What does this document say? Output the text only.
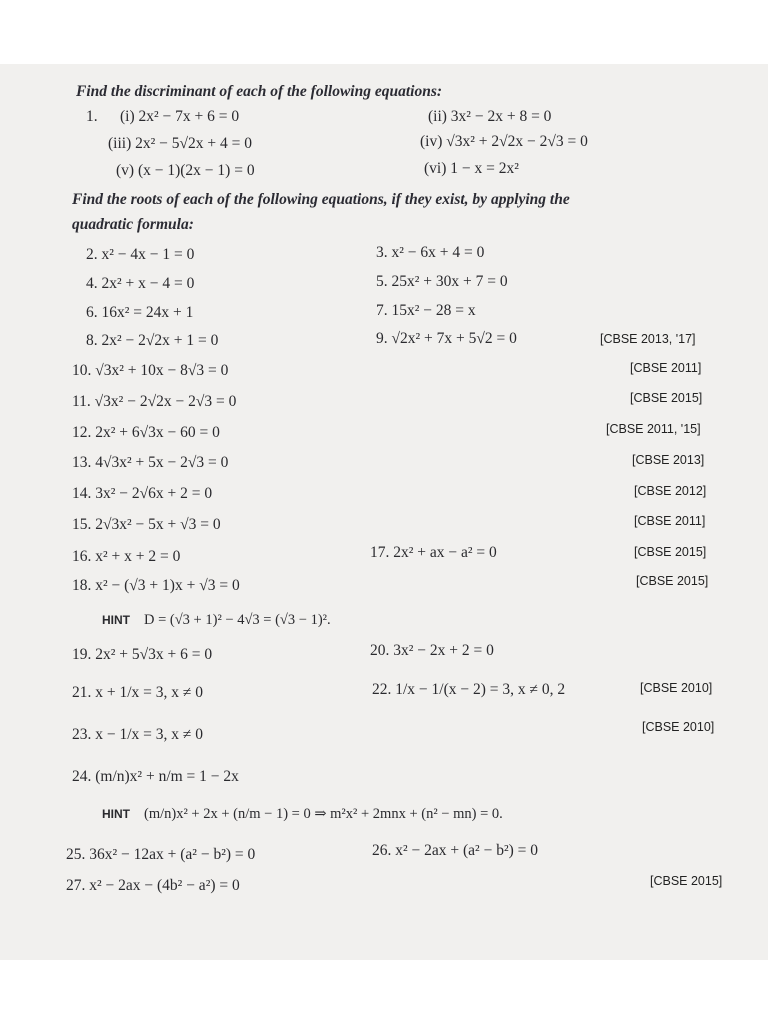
Find the discriminant of each of the following equations:
1. (i) 2x² − 7x + 6 = 0	(ii) 3x² − 2x + 8 = 0
(iii) 2x² − 5√2x + 4 = 0	(iv) √3x² + 2√2x − 2√3 = 0
(v) (x − 1)(2x − 1) = 0	(vi) 1 − x = 2x²
Find the roots of each of the following equations, if they exist, by applying the
quadratic formula:
2. x² − 4x − 1 = 0	3. x² − 6x + 4 = 0
4. 2x² + x − 4 = 0	5. 25x² + 30x + 7 = 0
6. 16x² = 24x + 1	7. 15x² − 28 = x
8. 2x² − 2√2x + 1 = 0	9. √2x² + 7x + 5√2 = 0	[CBSE 2013, '17]
10. √3x² + 10x − 8√3 = 0	[CBSE 2011]
11. √3x² − 2√2x − 2√3 = 0	[CBSE 2015]
12. 2x² + 6√3x − 60 = 0	[CBSE 2011, '15]
13. 4√3x² + 5x − 2√3 = 0	[CBSE 2013]
14. 3x² − 2√6x + 2 = 0	[CBSE 2012]
15. 2√3x² − 5x + √3 = 0	[CBSE 2011]
16. x² + x + 2 = 0	17. 2x² + ax − a² = 0	[CBSE 2015]
18. x² − (√3 + 1)x + √3 = 0	[CBSE 2015]
HINT D = (√3 + 1)² − 4√3 = (√3 − 1)².
19. 2x² + 5√3x + 6 = 0	20. 3x² − 2x + 2 = 0
21. x + 1/x = 3, x ≠ 0	22. 1/x − 1/(x − 2) = 3, x ≠ 0, 2	[CBSE 2010]
23. x − 1/x = 3, x ≠ 0	[CBSE 2010]
24. (m/n)x² + n/m = 1 − 2x
HINT (m/n)x² + 2x + (n/m − 1) = 0 ⇒ m²x² + 2mnx + (n² − mn) = 0.
25. 36x² − 12ax + (a² − b²) = 0	26. x² − 2ax + (a² − b²) = 0
27. x² − 2ax − (4b² − a²) = 0	[CBSE 2015]
